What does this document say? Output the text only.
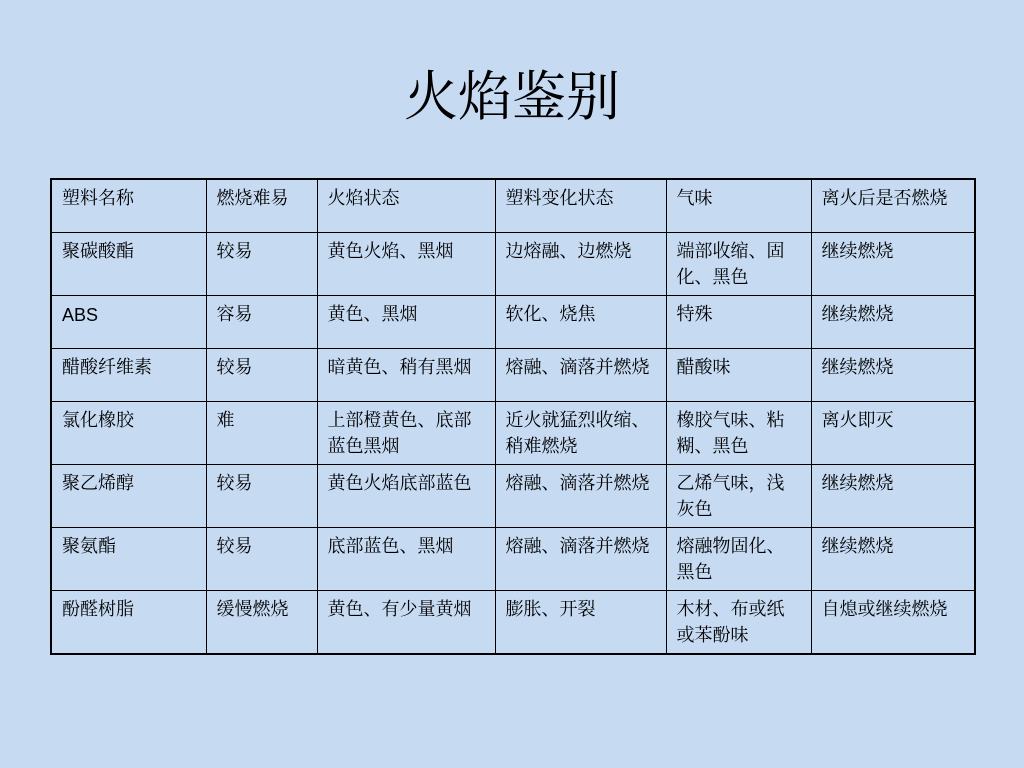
火焰鉴别
塑料名称	燃烧难易	火焰状态	塑料变化状态	气味	离火后是否燃烧
聚碳酸酯	较易	黄色火焰、黑烟	边熔融、边燃烧	端部收缩、固化、黑色	继续燃烧
ABS	容易	黄色、黑烟	软化、烧焦	特殊	继续燃烧
醋酸纤维素	较易	暗黄色、稍有黑烟	熔融、滴落并燃烧	醋酸味	继续燃烧
氯化橡胶	难	上部橙黄色、底部蓝色黑烟	近火就猛烈收缩、稍难燃烧	橡胶气味、粘糊、黑色	离火即灭
聚乙烯醇	较易	黄色火焰底部蓝色	熔融、滴落并燃烧	乙烯气味，浅灰色	继续燃烧
聚氨酯	较易	底部蓝色、黑烟	熔融、滴落并燃烧	熔融物固化、黑色	继续燃烧
酚醛树脂	缓慢燃烧	黄色、有少量黄烟	膨胀、开裂	木材、布或纸或苯酚味	自熄或继续燃烧
